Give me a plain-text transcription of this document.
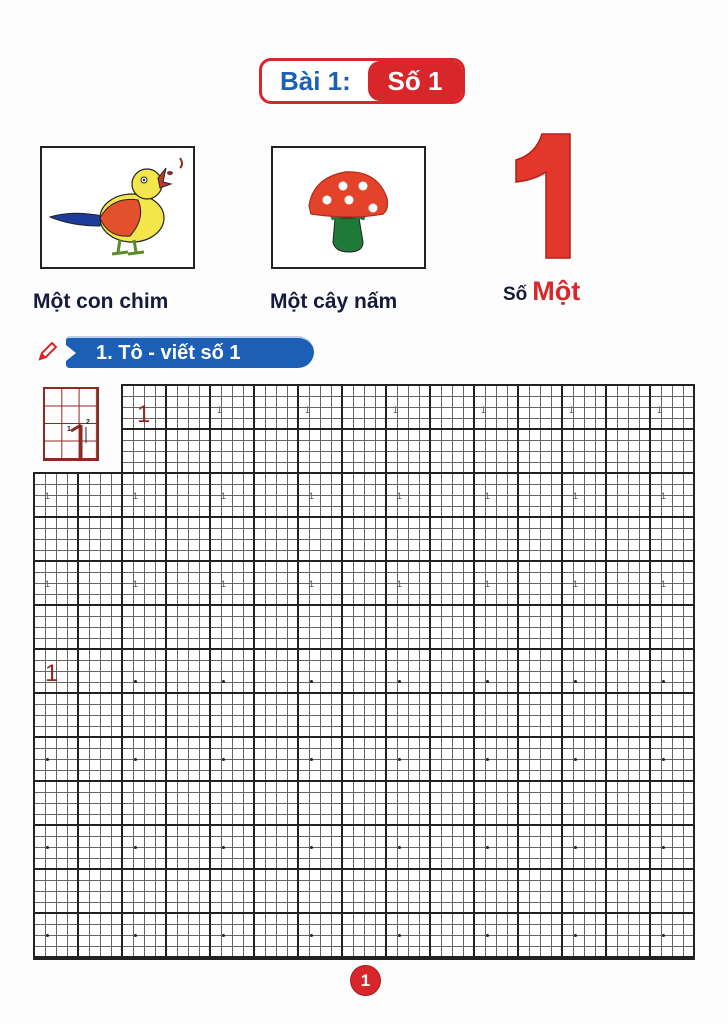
Bài 1:	Số 1
Một con chim	Một cây nấm	Số Một
1. Tô - viết số 1
1
2 1	1	1	1	1	1	1
1	1	1	1	1	1	1	1
1	1	1	1	1	1	1	1
1
1
